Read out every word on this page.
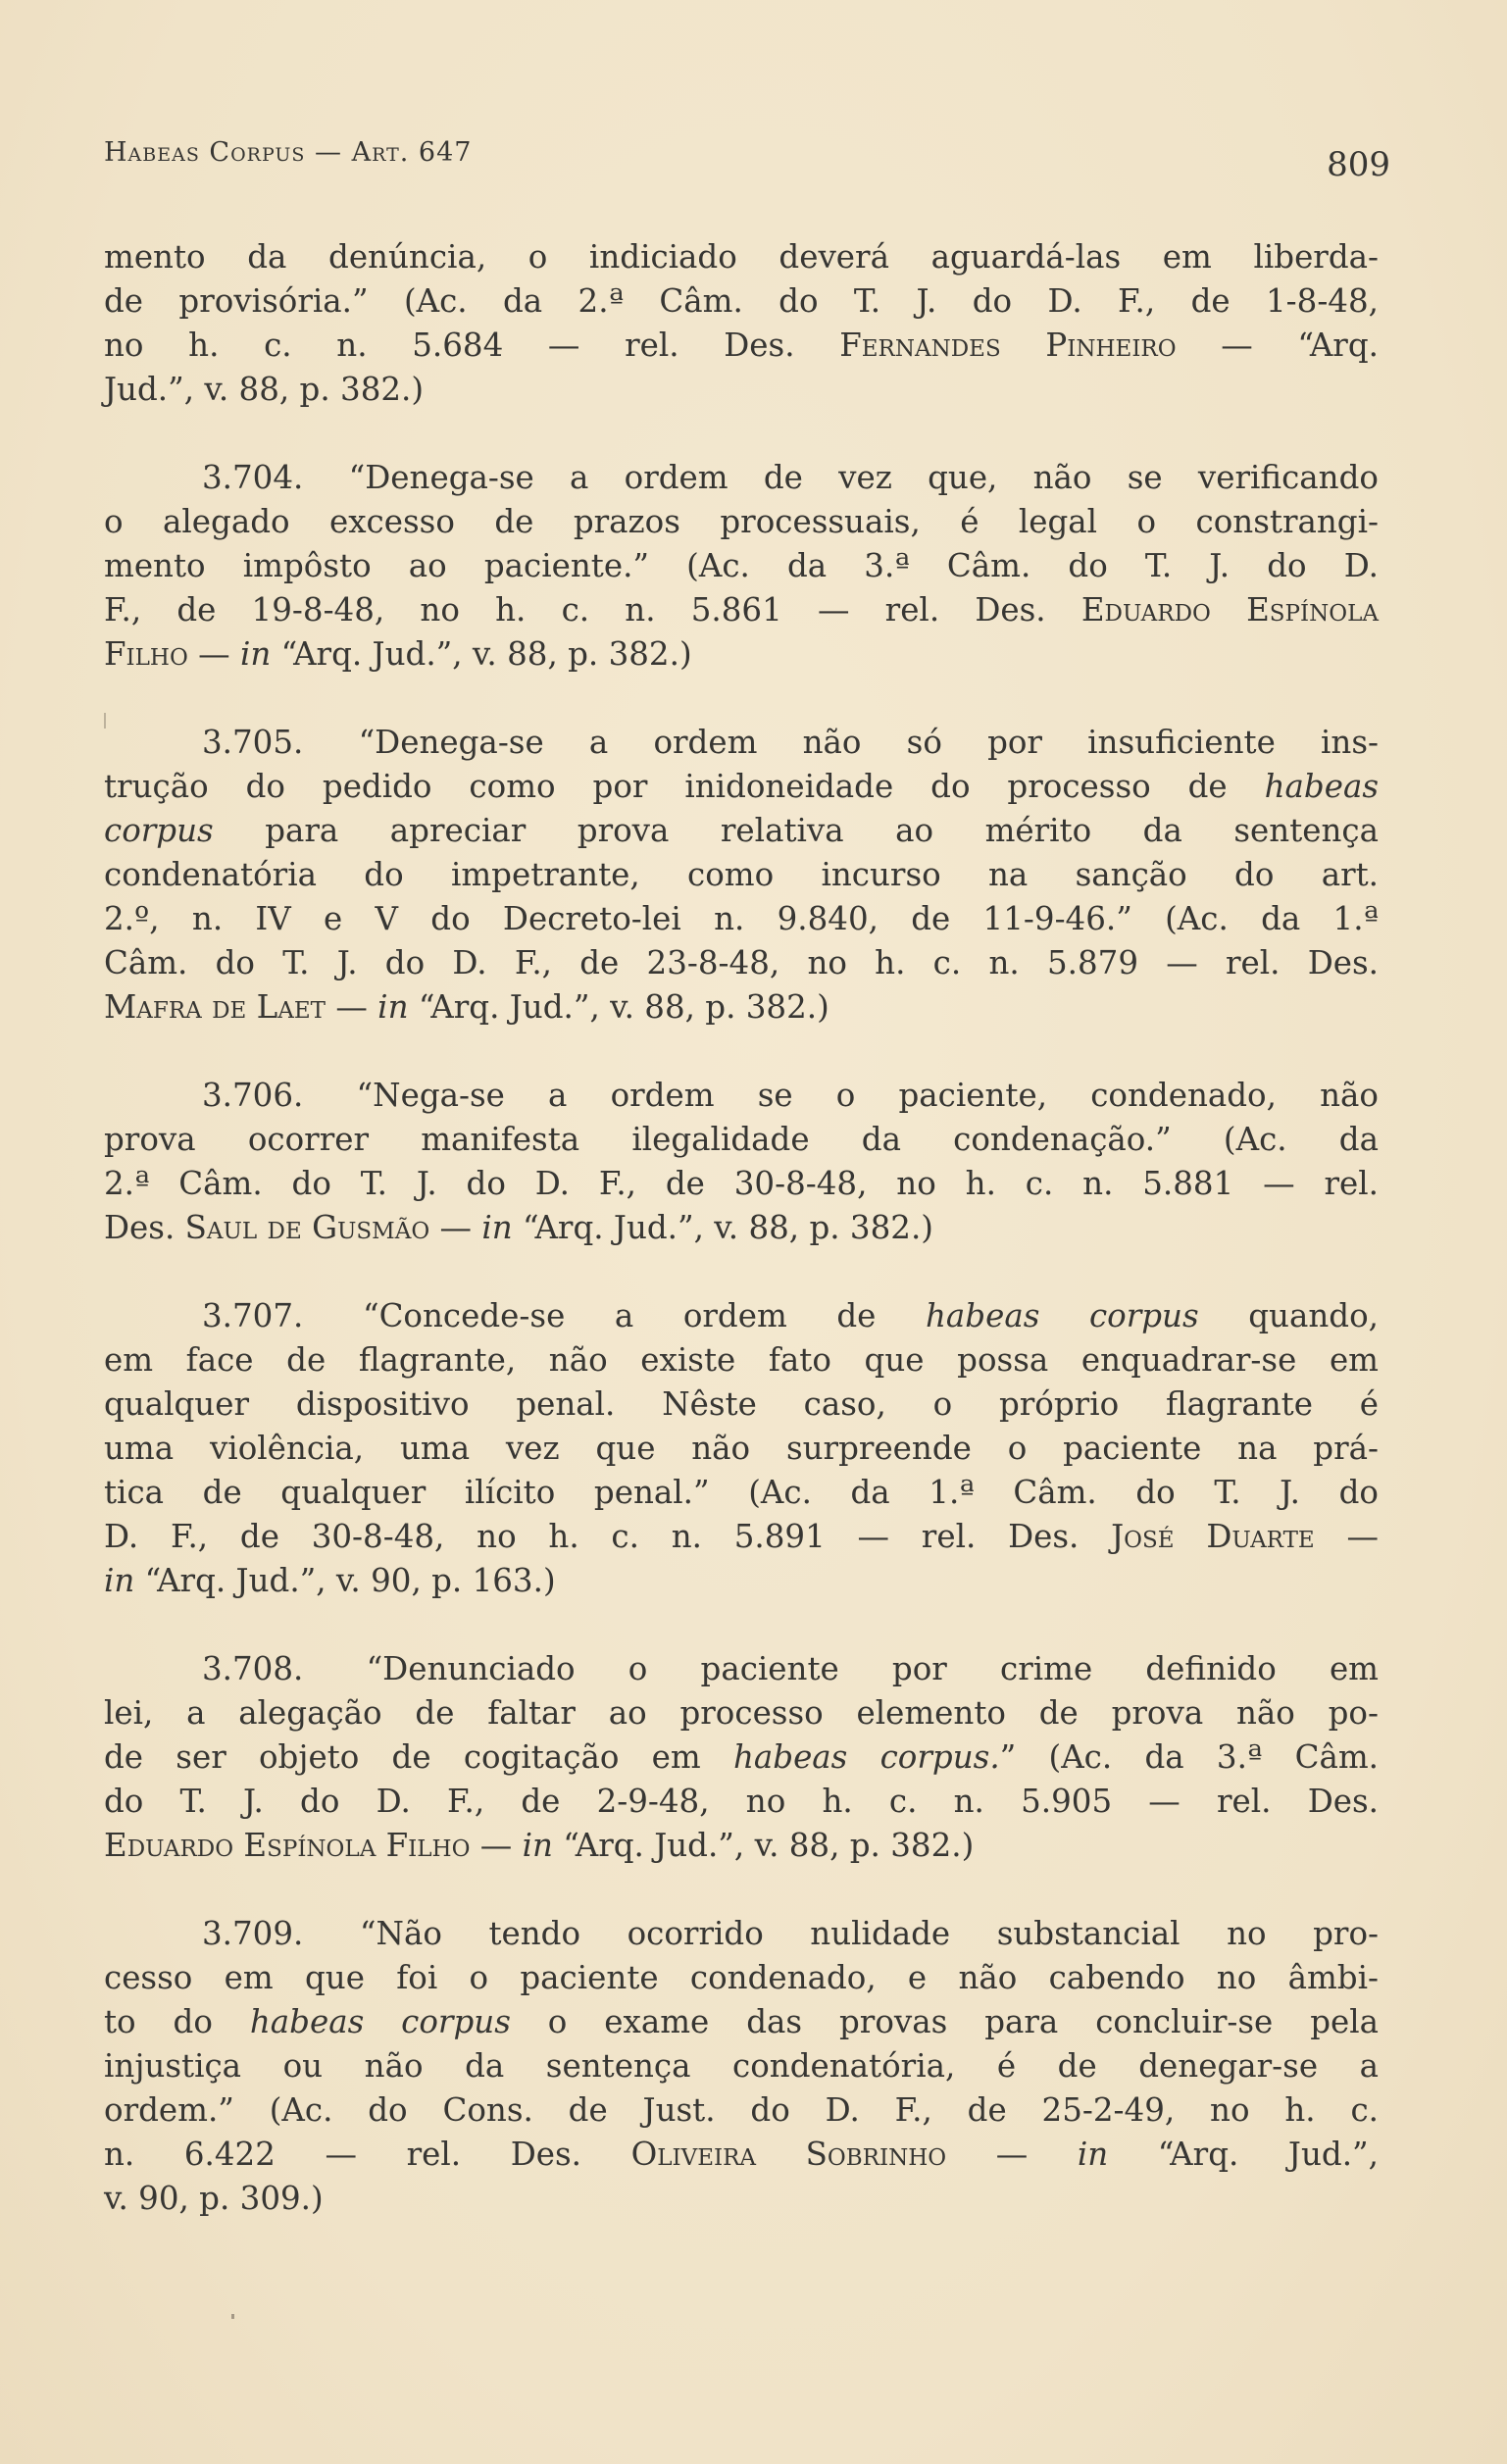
Habeas Corpus — Art. 647	809
mento da denúncia, o indiciado deverá aguardá-las em liberda-
de provisória.” (Ac. da 2.ª Câm. do T. J. do D. F., de 1-8-48,
no h. c. n. 5.684 — rel. Des. Fernandes Pinheiro — “Arq.
Jud.”, v. 88, p. 382.)
3.704. “Denega-se a ordem de vez que, não se verificando
o alegado excesso de prazos processuais, é legal o constrangi-
mento impôsto ao paciente.” (Ac. da 3.ª Câm. do T. J. do D.
F., de 19-8-48, no h. c. n. 5.861 — rel. Des. Eduardo Espínola
Filho — in “Arq. Jud.”, v. 88, p. 382.)
3.705. “Denega-se a ordem não só por insuficiente ins-
trução do pedido como por inidoneidade do processo de habeas
corpus para apreciar prova relativa ao mérito da sentença
condenatória do impetrante, como incurso na sanção do art.
2.º, n. IV e V do Decreto-lei n. 9.840, de 11-9-46.” (Ac. da 1.ª
Câm. do T. J. do D. F., de 23-8-48, no h. c. n. 5.879 — rel. Des.
Mafra de Laet — in “Arq. Jud.”, v. 88, p. 382.)
3.706. “Nega-se a ordem se o paciente, condenado, não
prova ocorrer manifesta ilegalidade da condenação.” (Ac. da
2.ª Câm. do T. J. do D. F., de 30-8-48, no h. c. n. 5.881 — rel.
Des. Saul de Gusmão — in “Arq. Jud.”, v. 88, p. 382.)
3.707. “Concede-se a ordem de habeas corpus quando,
em face de flagrante, não existe fato que possa enquadrar-se em
qualquer dispositivo penal. Nêste caso, o próprio flagrante é
uma violência, uma vez que não surpreende o paciente na prá-
tica de qualquer ilícito penal.” (Ac. da 1.ª Câm. do T. J. do
D. F., de 30-8-48, no h. c. n. 5.891 — rel. Des. José Duarte —
in “Arq. Jud.”, v. 90, p. 163.)
3.708. “Denunciado o paciente por crime definido em
lei, a alegação de faltar ao processo elemento de prova não po-
de ser objeto de cogitação em habeas corpus.” (Ac. da 3.ª Câm.
do T. J. do D. F., de 2-9-48, no h. c. n. 5.905 — rel. Des.
Eduardo Espínola Filho — in “Arq. Jud.”, v. 88, p. 382.)
3.709. “Não tendo ocorrido nulidade substancial no pro-
cesso em que foi o paciente condenado, e não cabendo no âmbi-
to do habeas corpus o exame das provas para concluir-se pela
injustiça ou não da sentença condenatória, é de denegar-se a
ordem.” (Ac. do Cons. de Just. do D. F., de 25-2-49, no h. c.
n. 6.422 — rel. Des. Oliveira Sobrinho — in “Arq. Jud.”,
v. 90, p. 309.)
